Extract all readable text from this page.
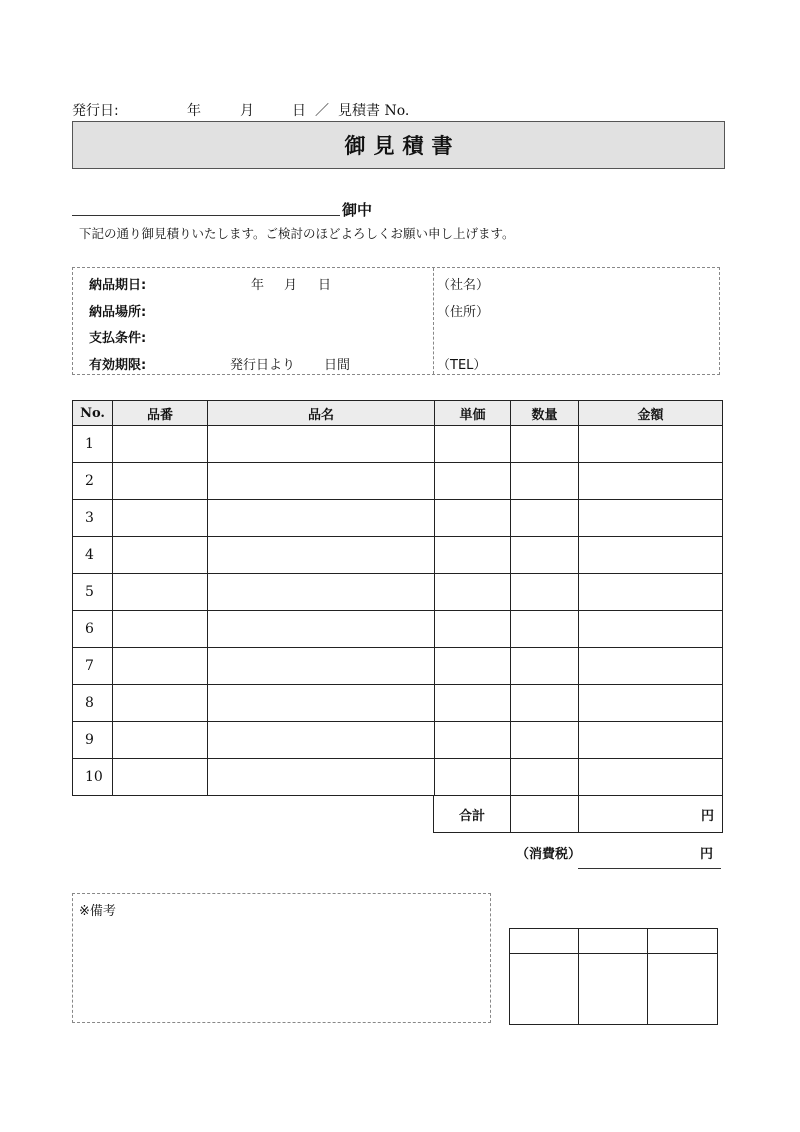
発行日:	年	月	日 ／ 見積書 No.
御見積書
御中
下記の通り御見積りいたします。ご検討のほどよろしくお願い申し上げます。
納品期日:	年 月 日
納品場所:
支払条件:
有効期限:	発行日より 日間
（社名）
（住所）
（TEL）
No.	品番	品名	単価	数量	金額
1					
2					
3					
4					
5					
6					
7					
8					
9					
10					
合計		円
（消費税）	円
※備考
